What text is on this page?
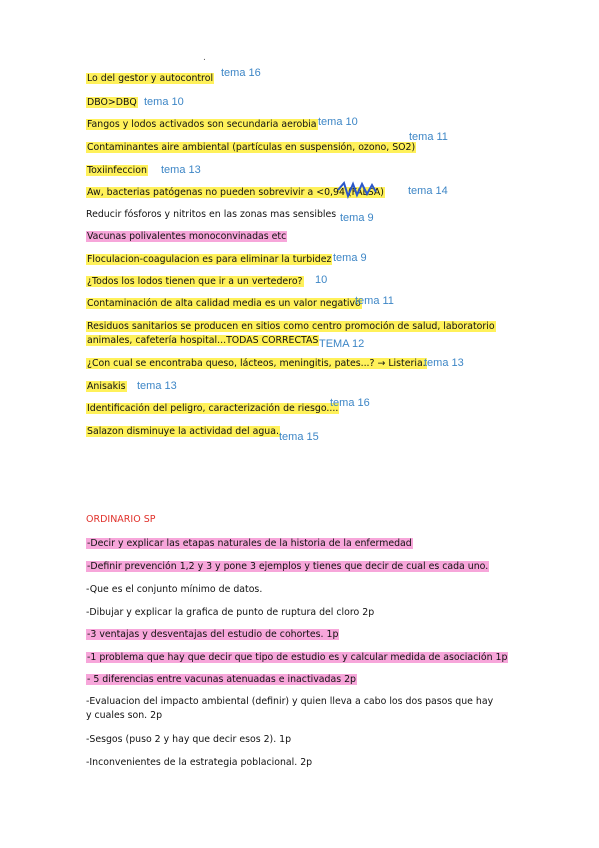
.
Lo del gestor y autocontrol tema 16
DBO>DBQ tema 10
Fangos y lodos activados son secundaria aerobia tema 10
Contaminantes aire ambiental (partículas en suspensión, ozono, SO2)
tema 11
Toxiinfeccion tema 13
Aw, bacterias patógenas no pueden sobrevivir a <0,94 (FALSA) tema 14
Reducir fósforos y nitritos en las zonas mas sensibles tema 9
Vacunas polivalentes monoconvinadas etc
Floculacion-coagulacion es para eliminar la turbidez tema 9
¿Todos los lodos tienen que ir a un vertedero? 10
Contaminación de alta calidad media es un valor negativo
tema 11
Residuos sanitarios se producen en sitios como centro promoción de salud, laboratorio
animales, cafetería hospital...TODAS CORRECTAS TEMA 12
¿Con cual se encontraba queso, lácteos, meningitis, pates...? → Listeria.
tema 13
Anisakis tema 13
Identificación del peligro, caracterización de riesgo....
tema 16
Salazon disminuye la actividad del agua. tema 15
ORDINARIO SP
-Decir y explicar las etapas naturales de la historia de la enfermedad
-Definir prevención 1,2 y 3 y pone 3 ejemplos y tienes que decir de cual es cada uno.
-Que es el conjunto mínimo de datos.
-Dibujar y explicar la grafica de punto de ruptura del cloro 2p
-3 ventajas y desventajas del estudio de cohortes. 1p
-1 problema que hay que decir que tipo de estudio es y calcular medida de asociación 1p
- 5 diferencias entre vacunas atenuadas e inactivadas 2p
-Evaluacion del impacto ambiental (definir) y quien lleva a cabo los dos pasos que hay y cuales son. 2p
-Sesgos (puso 2 y hay que decir esos 2). 1p
-Inconvenientes de la estrategia poblacional. 2p
